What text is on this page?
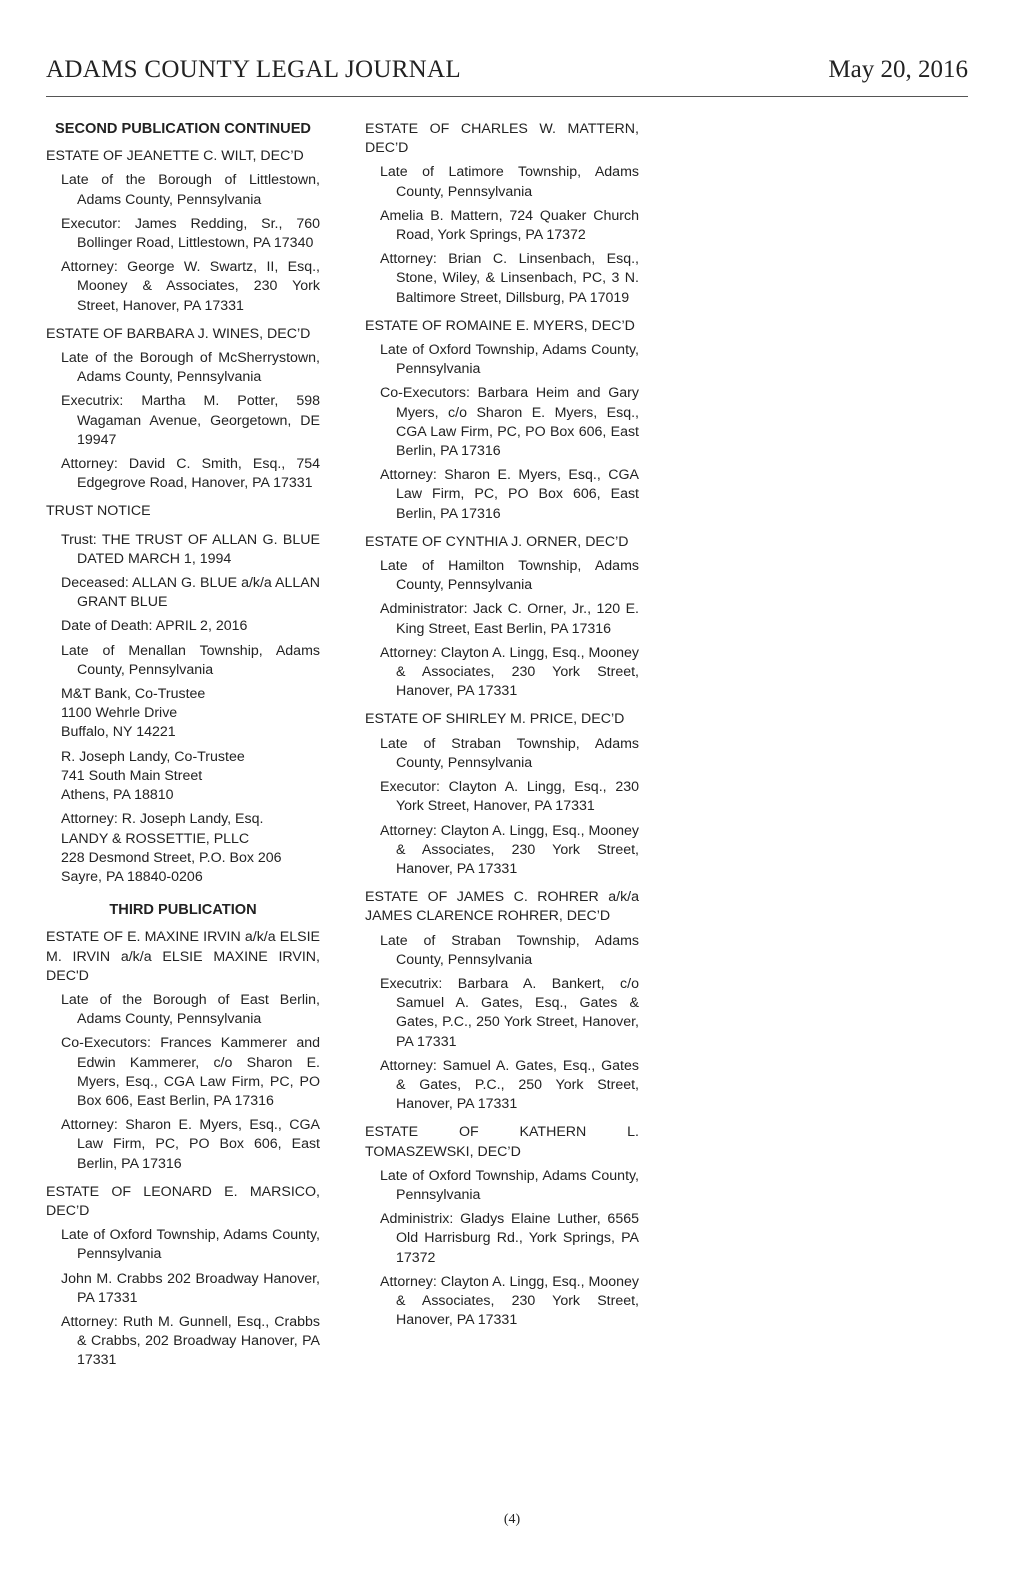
ADAMS COUNTY LEGAL JOURNAL	May 20, 2016
SECOND PUBLICATION CONTINUED
ESTATE OF JEANETTE C. WILT, DEC’D
Late of the Borough of Littlestown, Adams County, Pennsylvania
Executor: James Redding, Sr., 760 Bollinger Road, Littlestown, PA 17340
Attorney: George W. Swartz, II, Esq., Mooney & Associates, 230 York Street, Hanover, PA 17331
ESTATE OF BARBARA J. WINES, DEC’D
Late of the Borough of McSherrystown, Adams County, Pennsylvania
Executrix: Martha M. Potter, 598 Wagaman Avenue, Georgetown, DE 19947
Attorney: David C. Smith, Esq., 754 Edgegrove Road, Hanover, PA 17331
TRUST NOTICE
Trust: THE TRUST OF ALLAN G. BLUE DATED MARCH 1, 1994
Deceased: ALLAN G. BLUE a/k/a ALLAN GRANT BLUE
Date of Death: APRIL 2, 2016
Late of Menallan Township, Adams County, Pennsylvania
M&T Bank, Co-Trustee
1100 Wehrle Drive
Buffalo, NY 14221
R. Joseph Landy, Co-Trustee
741 South Main Street
Athens, PA 18810
Attorney: R. Joseph Landy, Esq.
LANDY & ROSSETTIE, PLLC
228 Desmond Street, P.O. Box 206
Sayre, PA 18840-0206
THIRD PUBLICATION
ESTATE OF E. MAXINE IRVIN a/k/a ELSIE M. IRVIN a/k/a ELSIE MAXINE IRVIN, DEC'D
Late of the Borough of East Berlin, Adams County, Pennsylvania
Co-Executors: Frances Kammerer and Edwin Kammerer, c/o Sharon E. Myers, Esq., CGA Law Firm, PC, PO Box 606, East Berlin, PA 17316
Attorney: Sharon E. Myers, Esq., CGA Law Firm, PC, PO Box 606, East Berlin, PA 17316
ESTATE OF LEONARD E. MARSICO, DEC’D
Late of Oxford Township, Adams County, Pennsylvania
John M. Crabbs 202 Broadway Hanover, PA 17331
Attorney: Ruth M. Gunnell, Esq., Crabbs & Crabbs, 202 Broadway Hanover, PA 17331
ESTATE OF CHARLES W. MATTERN, DEC’D
Late of Latimore Township, Adams County, Pennsylvania
Amelia B. Mattern, 724 Quaker Church Road, York Springs, PA 17372
Attorney: Brian C. Linsenbach, Esq., Stone, Wiley, & Linsenbach, PC, 3 N. Baltimore Street, Dillsburg, PA 17019
ESTATE OF ROMAINE E. MYERS, DEC’D
Late of Oxford Township, Adams County, Pennsylvania
Co-Executors: Barbara Heim and Gary Myers, c/o Sharon E. Myers, Esq., CGA Law Firm, PC, PO Box 606, East Berlin, PA 17316
Attorney: Sharon E. Myers, Esq., CGA Law Firm, PC, PO Box 606, East Berlin, PA 17316
ESTATE OF CYNTHIA J. ORNER, DEC’D
Late of Hamilton Township, Adams County, Pennsylvania
Administrator: Jack C. Orner, Jr., 120 E. King Street, East Berlin, PA 17316
Attorney: Clayton A. Lingg, Esq., Mooney & Associates, 230 York Street, Hanover, PA 17331
ESTATE OF SHIRLEY M. PRICE, DEC’D
Late of Straban Township, Adams County, Pennsylvania
Executor: Clayton A. Lingg, Esq., 230 York Street, Hanover, PA 17331
Attorney: Clayton A. Lingg, Esq., Mooney & Associates, 230 York Street, Hanover, PA 17331
ESTATE OF JAMES C. ROHRER a/k/a JAMES CLARENCE ROHRER, DEC’D
Late of Straban Township, Adams County, Pennsylvania
Executrix: Barbara A. Bankert, c/o Samuel A. Gates, Esq., Gates & Gates, P.C., 250 York Street, Hanover, PA 17331
Attorney: Samuel A. Gates, Esq., Gates & Gates, P.C., 250 York Street, Hanover, PA 17331
ESTATE OF KATHERN L. TOMASZEWSKI, DEC’D
Late of Oxford Township, Adams County, Pennsylvania
Administrix: Gladys Elaine Luther, 6565 Old Harrisburg Rd., York Springs, PA 17372
Attorney: Clayton A. Lingg, Esq., Mooney & Associates, 230 York Street, Hanover, PA 17331
(4)
